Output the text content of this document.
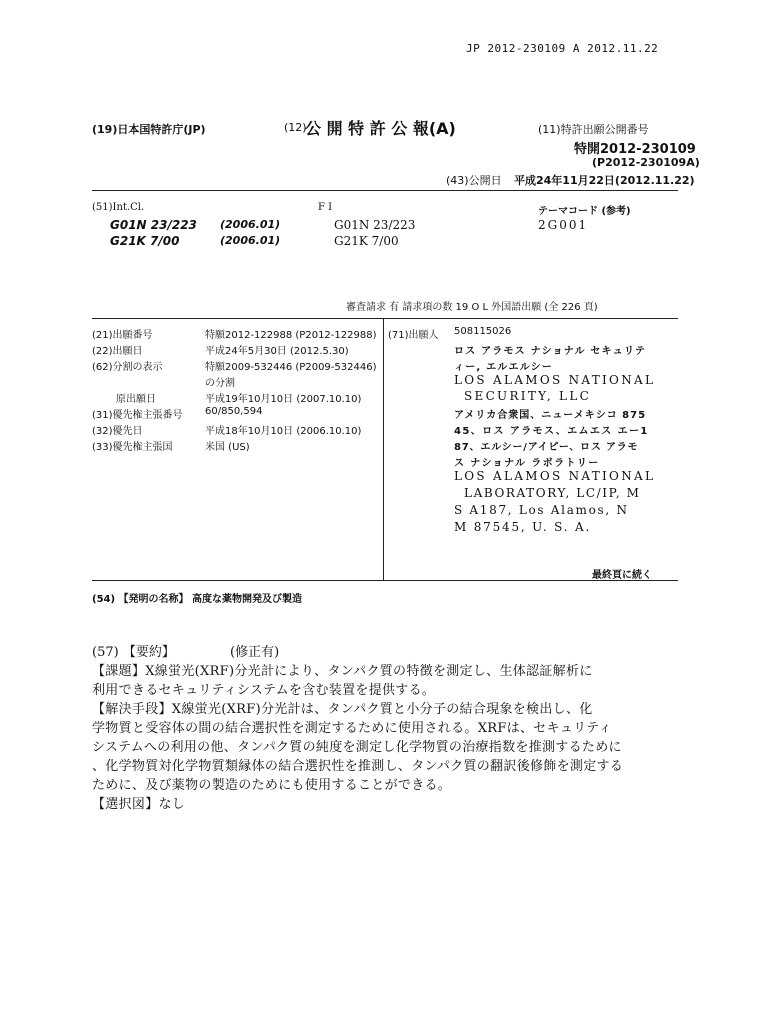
JP 2012-230109 A 2012.11.22
(19)日本国特許庁(JP)	(12)
公 開 特 許 公 報(A)	(11)特許出願公開番号
特開2012-230109
(P2012-230109A)
(43)公開日 平成24年11月22日(2012.11.22)
(51)Int.Cl.	F I	テーマコード (参考)
G01N 23/223 (2006.01)	G01N 23/223	2G001
G21K 7/00	(2006.01)	G21K 7/00
審査請求 有 請求項の数 19 O L 外国語出願 (全 226 頁)
(21)出願番号	特願2012-122988 (P2012-122988)
(22)出願日	平成24年5月30日 (2012.5.30)
(62)分割の表示	特願2009-532446 (P2009-532446)
の分割
原出願日	平成19年10月10日 (2007.10.10)
(31)優先権主張番号 60/850,594
(32)優先日	平成18年10月10日 (2006.10.10)
(33)優先権主張国	米国 (US)
(71)出願人 508115026
ロス アラモス ナショナル セキュリテ
ィー, エルエルシー
LOS ALAMOS NATIONAL
SECURITY, LLC
アメリカ合衆国、ニューメキシコ 875
45、ロス アラモス、エムエス エー1
87、エルシー/アイピー、ロス アラモ
ス ナショナル ラボラトリー
LOS ALAMOS NATIONAL
LABORATORY, LC/IP, M
S A187, Los Alamos, N
M 87545, U. S. A.
最終頁に続く
(54) 【発明の名称】 高度な薬物開発及び製造
(57) 【要約】	(修正有)
【課題】X線蛍光(XRF)分光計により、タンパク質の特徴を測定し、生体認証解析に
利用できるセキュリティシステムを含む装置を提供する。
【解決手段】X線蛍光(XRF)分光計は、タンパク質と小分子の結合現象を検出し、化
学物質と受容体の間の結合選択性を測定するために使用される。XRFは、セキュリティ
システムへの利用の他、タンパク質の純度を測定し化学物質の治療指数を推測するために
、化学物質対化学物質類縁体の結合選択性を推測し、タンパク質の翻訳後修飾を測定する
ために、及び薬物の製造のためにも使用することができる。
【選択図】なし
